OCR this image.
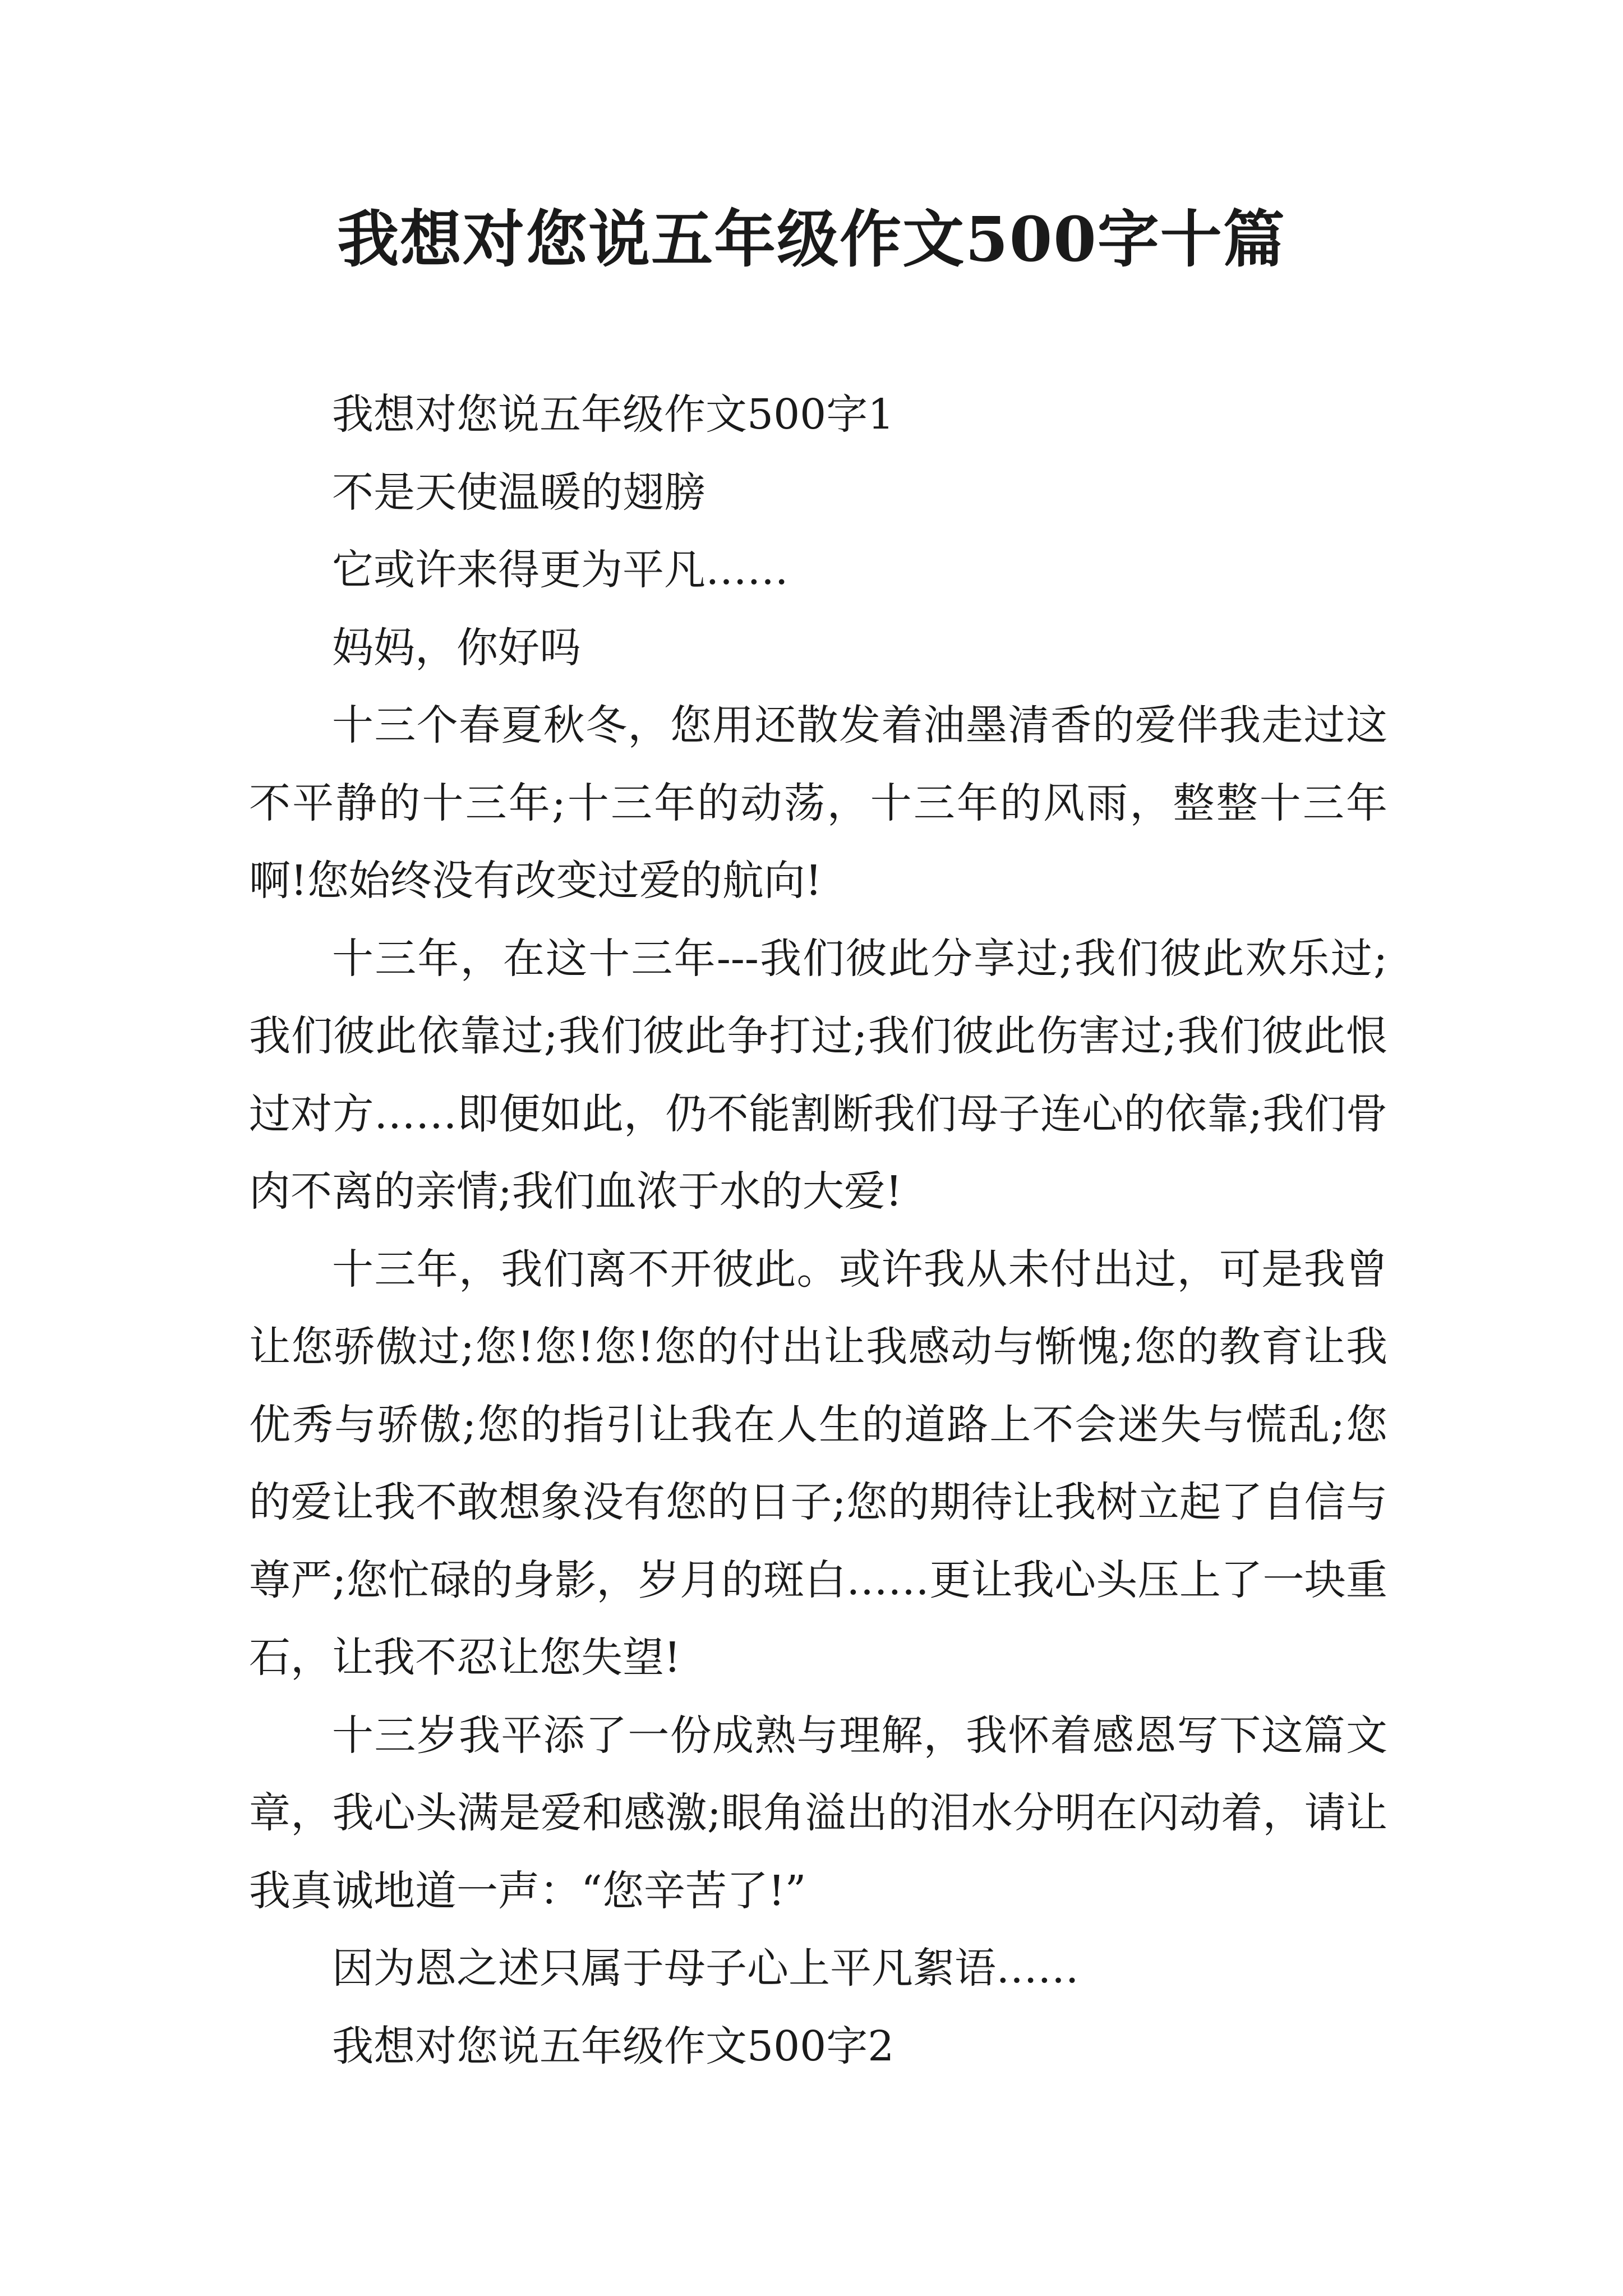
我想对您说五年级作文500字十篇

我想对您说五年级作文500字1

不是天使温暖的翅膀

它或许来得更为平凡……

妈妈，你好吗

十三个春夏秋冬，您用还散发着油墨清香的爱伴我走过这不平静的十三年;十三年的动荡，十三年的风雨，整整十三年啊!您始终没有改变过爱的航向!

十三年，在这十三年---我们彼此分享过;我们彼此欢乐过;我们彼此依靠过;我们彼此争打过;我们彼此伤害过;我们彼此恨过对方……即便如此，仍不能割断我们母子连心的依靠;我们骨肉不离的亲情;我们血浓于水的大爱!

十三年，我们离不开彼此。或许我从未付出过，可是我曾让您骄傲过;您!您!您!您的付出让我感动与惭愧;您的教育让我优秀与骄傲;您的指引让我在人生的道路上不会迷失与慌乱;您的爱让我不敢想象没有您的日子;您的期待让我树立起了自信与尊严;您忙碌的身影，岁月的斑白……更让我心头压上了一块重石，让我不忍让您失望!

十三岁我平添了一份成熟与理解，我怀着感恩写下这篇文章，我心头满是爱和感激;眼角溢出的泪水分明在闪动着，请让我真诚地道一声：“您辛苦了!”

因为恩之述只属于母子心上平凡絮语……

我想对您说五年级作文500字2
